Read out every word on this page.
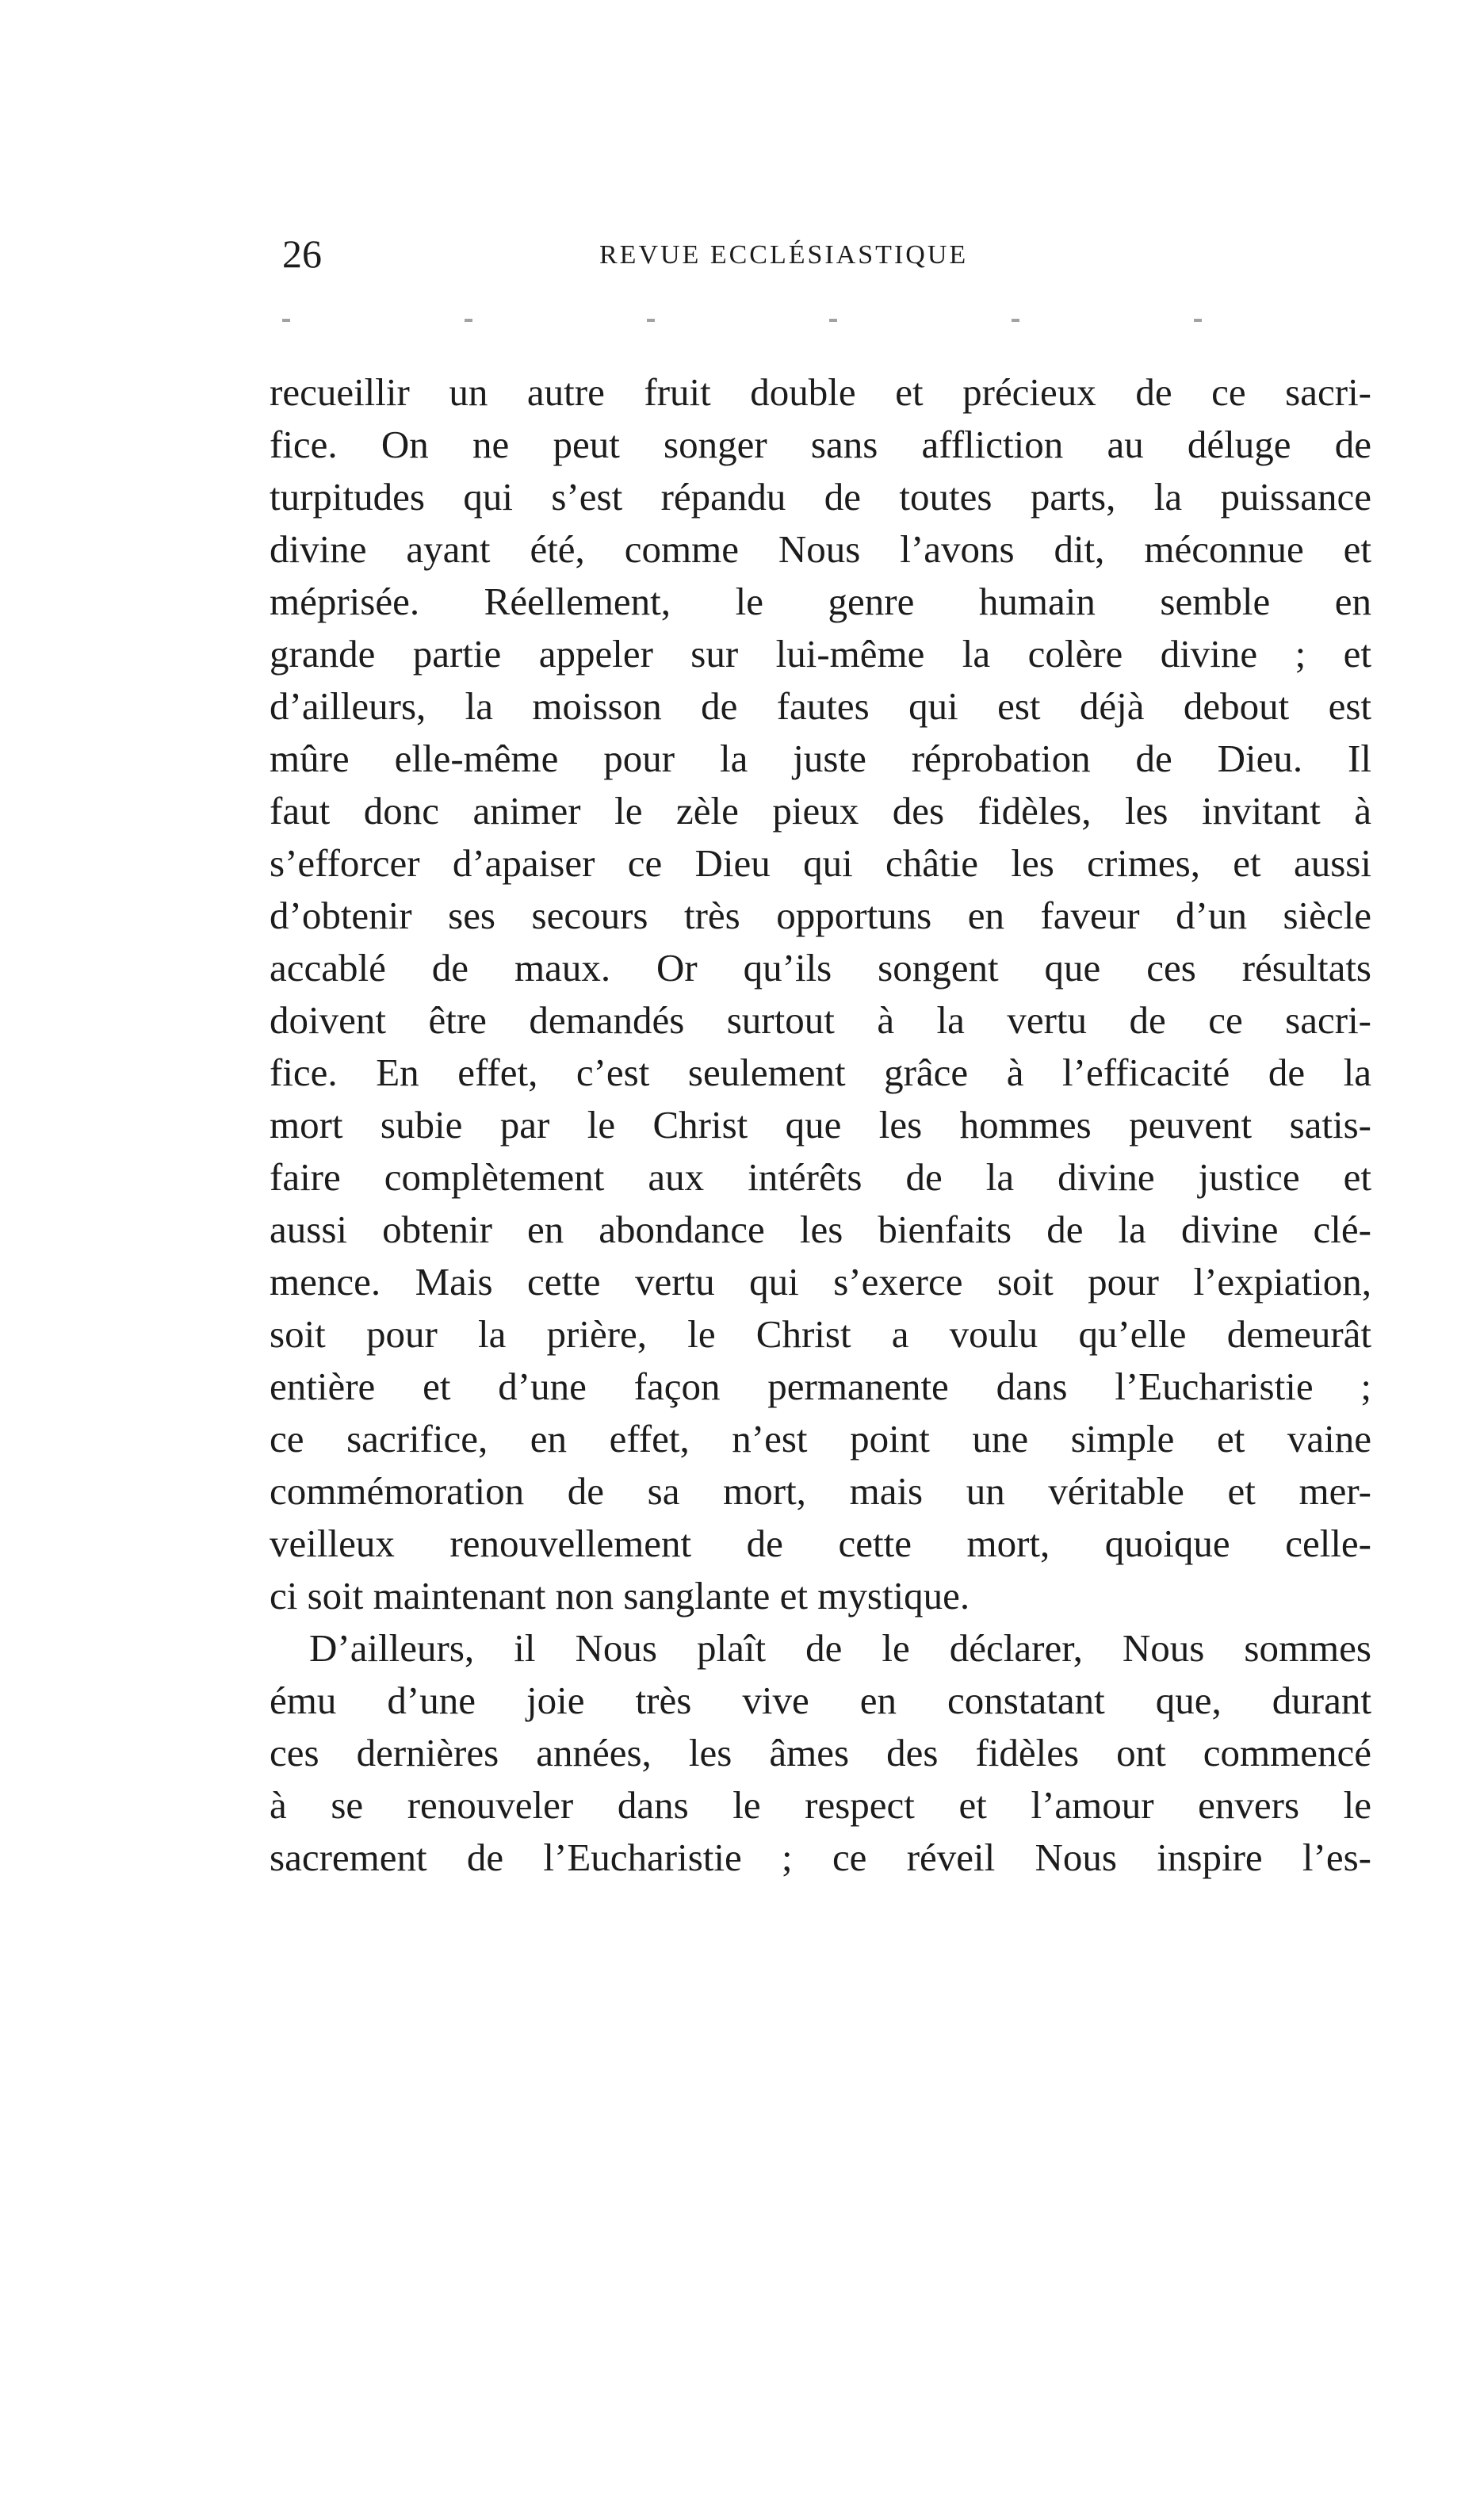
26	REVUE ECCLÉSIASTIQUE

recueillir un autre fruit double et précieux de ce sacri-
fice. On ne peut songer sans affliction au déluge de
turpitudes qui s’est répandu de toutes parts, la puissance
divine ayant été, comme Nous l’avons dit, méconnue et
méprisée. Réellement, le genre humain semble en
grande partie appeler sur lui-même la colère divine ; et
d’ailleurs, la moisson de fautes qui est déjà debout est
mûre elle-même pour la juste réprobation de Dieu. Il
faut donc animer le zèle pieux des fidèles, les invitant à
s’efforcer d’apaiser ce Dieu qui châtie les crimes, et aussi
d’obtenir ses secours très opportuns en faveur d’un siècle
accablé de maux. Or qu’ils songent que ces résultats
doivent être demandés surtout à la vertu de ce sacri-
fice. En effet, c’est seulement grâce à l’efficacité de la
mort subie par le Christ que les hommes peuvent satis-
faire complètement aux intérêts de la divine justice et
aussi obtenir en abondance les bienfaits de la divine clé-
mence. Mais cette vertu qui s’exerce soit pour l’expiation,
soit pour la prière, le Christ a voulu qu’elle demeurât
entière et d’une façon permanente dans l’Eucharistie ;
ce sacrifice, en effet, n’est point une simple et vaine
commémoration de sa mort, mais un véritable et mer-
veilleux renouvellement de cette mort, quoique celle-
ci soit maintenant non sanglante et mystique.

D’ailleurs, il Nous plaît de le déclarer, Nous sommes
ému d’une joie très vive en constatant que, durant
ces dernières années, les âmes des fidèles ont commencé
à se renouveler dans le respect et l’amour envers le
sacrement de l’Eucharistie ; ce réveil Nous inspire l’es-
